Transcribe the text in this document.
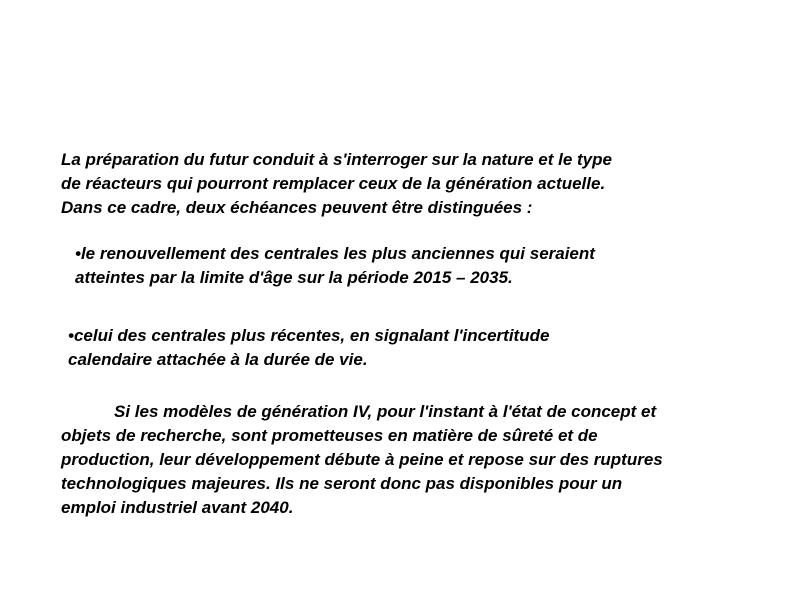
La préparation du futur conduit à s'interroger sur la nature et le type
de réacteurs qui pourront remplacer ceux de la génération actuelle.
Dans ce cadre, deux échéances peuvent être distinguées :
•le renouvellement des centrales les plus anciennes qui seraient
atteintes par la limite d'âge sur la période 2015 – 2035.
•celui des centrales plus récentes, en signalant l'incertitude
calendaire attachée à la durée de vie.
Si les modèles de génération IV, pour l'instant à l'état de concept et
objets de recherche, sont prometteuses en matière de sûreté et de
production, leur développement débute à peine et repose sur des ruptures
technologiques majeures. Ils ne seront donc pas disponibles pour un
emploi industriel avant 2040.
